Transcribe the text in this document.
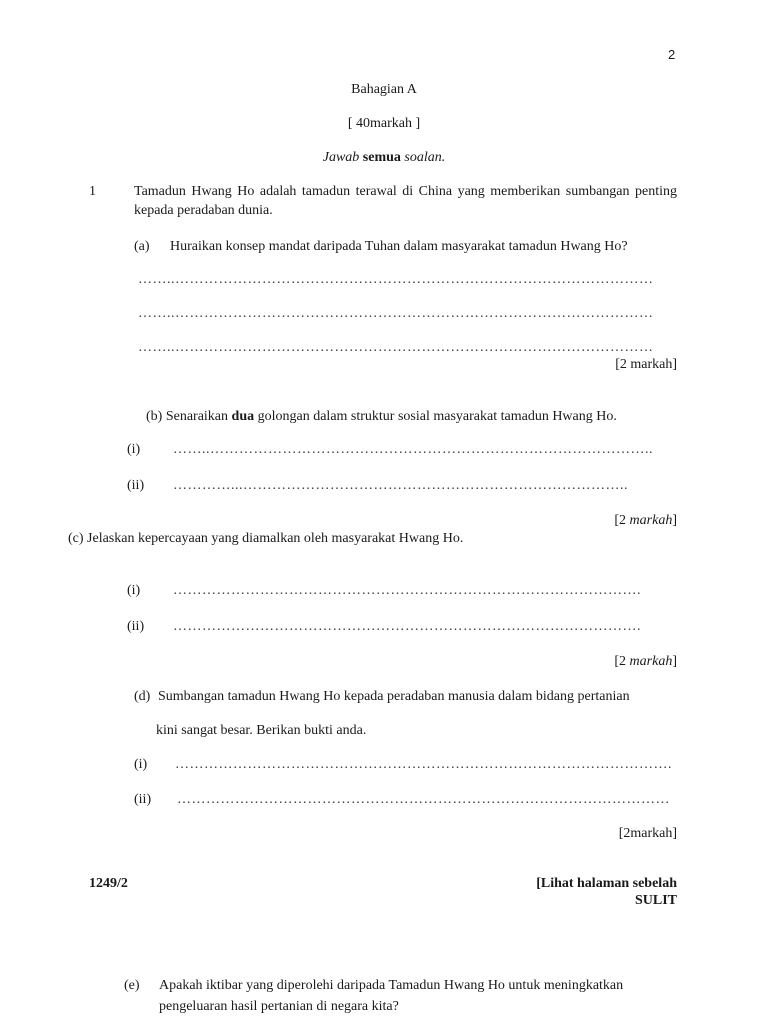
2
Bahagian A
[ 40markah ]
Jawab semua soalan.
1	Tamadun Hwang Ho adalah tamadun terawal di China yang memberikan sumbangan penting kepada peradaban dunia.
(a) Huraikan konsep mandat daripada Tuhan dalam masyarakat tamadun Hwang Ho?
……..………………………………………………………………………………………
……..………………………………………………………………………………………
……..………………………………………………………………………………………
[2 markah]
(b) Senaraikan dua golongan dalam struktur sosial masyarakat tamadun Hwang Ho.
(i) ……..………………………………………………………………………………..
(ii) …………...……………………………………………………………………..
[2 markah]
(c) Jelaskan kepercayaan yang diamalkan oleh masyarakat Hwang Ho.
(i) …………………………………………………………………………………….
(ii) …………………………………………………………………………………….
[2 markah]
(d) Sumbangan tamadun Hwang Ho kepada peradaban manusia dalam bidang pertanian
kini sangat besar. Berikan bukti anda.
(i) ………………………………………………………………………………………….
(ii) …………………………………………………………………………………………
[2markah]
1249/2	[Lihat halaman sebelah
SULIT
(e) Apakah iktibar yang diperolehi daripada Tamadun Hwang Ho untuk meningkatkan
pengeluaran hasil pertanian di negara kita?
